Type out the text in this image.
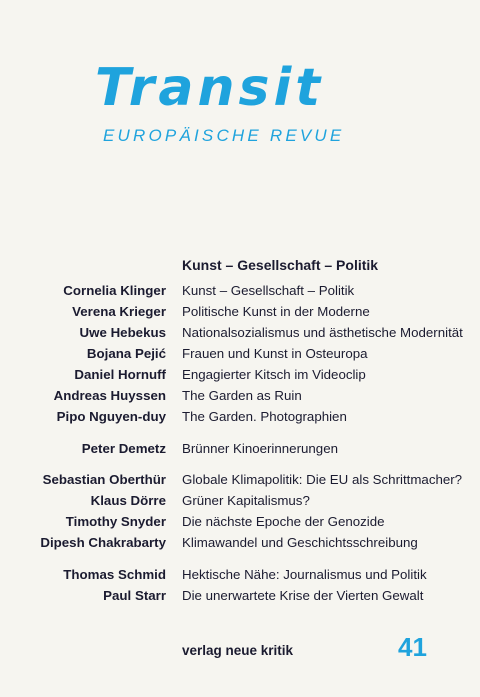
Transit
EUROPÄISCHE REVUE
Kunst – Gesellschaft – Politik
Cornelia Klinger Kunst – Gesellschaft – Politik
Verena Krieger Politische Kunst in der Moderne
Uwe Hebekus Nationalsozialismus und ästhetische Modernität
Bojana Pejić Frauen und Kunst in Osteuropa
Daniel Hornuff Engagierter Kitsch im Videoclip
Andreas Huyssen The Garden as Ruin
Pipo Nguyen-duy The Garden. Photographien
Peter Demetz Brünner Kinoerinnerungen
Sebastian Oberthür Globale Klimapolitik: Die EU als Schrittmacher?
Klaus Dörre Grüner Kapitalismus?
Timothy Snyder Die nächste Epoche der Genozide
Dipesh Chakrabarty Klimawandel und Geschichtsschreibung
Thomas Schmid Hektische Nähe: Journalismus und Politik
Paul Starr Die unerwartete Krise der Vierten Gewalt
verlag neue kritik	41
